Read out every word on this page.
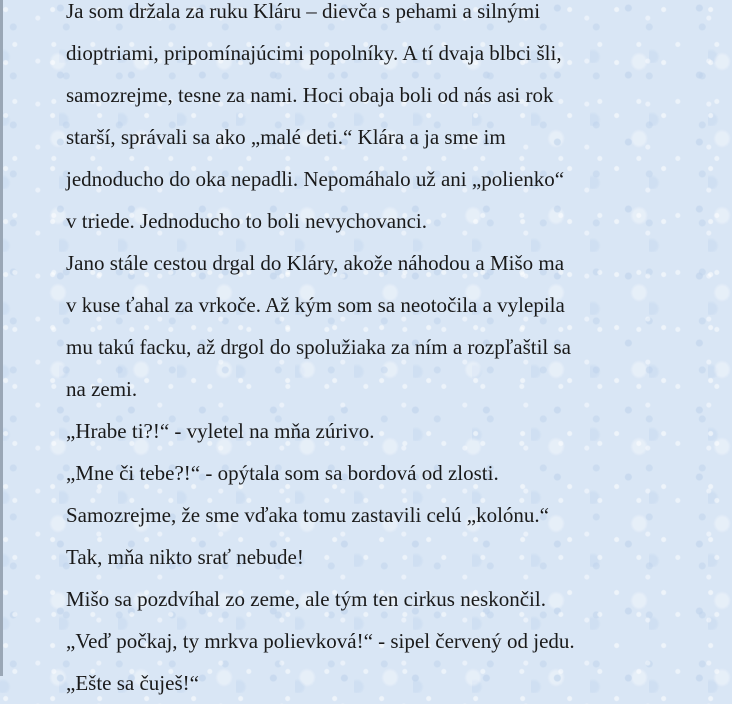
Ja som držala za ruku Kláru – dievča s pehami a silnými
dioptriami, pripomínajúcimi popolníky. A tí dvaja blbci šli,
samozrejme, tesne za nami. Hoci obaja boli od nás asi rok
starší, správali sa ako „malé deti.“ Klára a ja sme im
jednoducho do oka nepadli. Nepomáhalo už ani „polienko“
v triede. Jednoducho to boli nevychovanci.
Jano stále cestou drgal do Kláry, akože náhodou a Mišo ma
v kuse ťahal za vrkoče. Až kým som sa neotočila a vylepila
mu takú facku, až drgol do spolužiaka za ním a rozpľaštil sa
na zemi.
„Hrabe ti?!“ - vyletel na mňa zúrivo.
„Mne či tebe?!“ - opýtala som sa bordová od zlosti.
Samozrejme, že sme vďaka tomu zastavili celú „kolónu.“
Tak, mňa nikto srať nebude!
Mišo sa pozdvíhal zo zeme, ale tým ten cirkus neskončil.
„Veď počkaj, ty mrkva polievková!“ - sipel červený od jedu.
„Ešte sa čuješ!“
